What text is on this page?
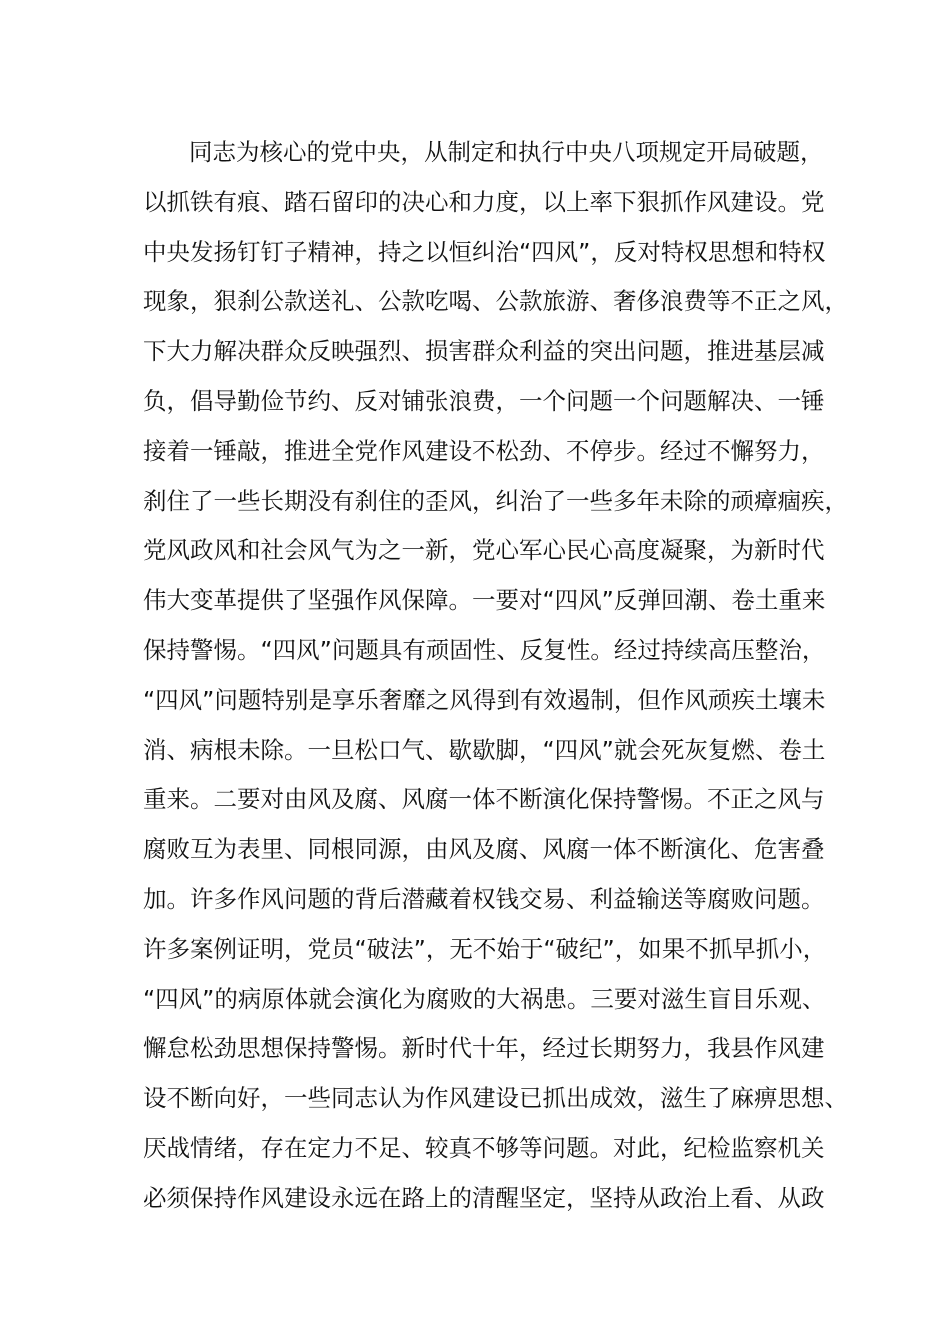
同志为核心的党中央，从制定和执行中央八项规定开局破题，
以抓铁有痕、踏石留印的决心和力度，以上率下狠抓作风建设。党
中央发扬钉钉子精神，持之以恒纠治“四风”，反对特权思想和特权
现象，狠刹公款送礼、公款吃喝、公款旅游、奢侈浪费等不正之风，
下大力解决群众反映强烈、损害群众利益的突出问题，推进基层减
负，倡导勤俭节约、反对铺张浪费，一个问题一个问题解决、一锤
接着一锤敲，推进全党作风建设不松劲、不停步。经过不懈努力，
刹住了一些长期没有刹住的歪风，纠治了一些多年未除的顽瘴痼疾，
党风政风和社会风气为之一新，党心军心民心高度凝聚，为新时代
伟大变革提供了坚强作风保障。一要对“四风”反弹回潮、卷土重来
保持警惕。“四风”问题具有顽固性、反复性。经过持续高压整治，
“四风”问题特别是享乐奢靡之风得到有效遏制，但作风顽疾土壤未
消、病根未除。一旦松口气、歇歇脚，“四风”就会死灰复燃、卷土
重来。二要对由风及腐、风腐一体不断演化保持警惕。不正之风与
腐败互为表里、同根同源，由风及腐、风腐一体不断演化、危害叠
加。许多作风问题的背后潜藏着权钱交易、利益输送等腐败问题。
许多案例证明，党员“破法”，无不始于“破纪”，如果不抓早抓小，
“四风”的病原体就会演化为腐败的大祸患。三要对滋生盲目乐观、
懈怠松劲思想保持警惕。新时代十年，经过长期努力，我县作风建
设不断向好，一些同志认为作风建设已抓出成效，滋生了麻痹思想、
厌战情绪，存在定力不足、较真不够等问题。对此，纪检监察机关
必须保持作风建设永远在路上的清醒坚定，坚持从政治上看、从政
